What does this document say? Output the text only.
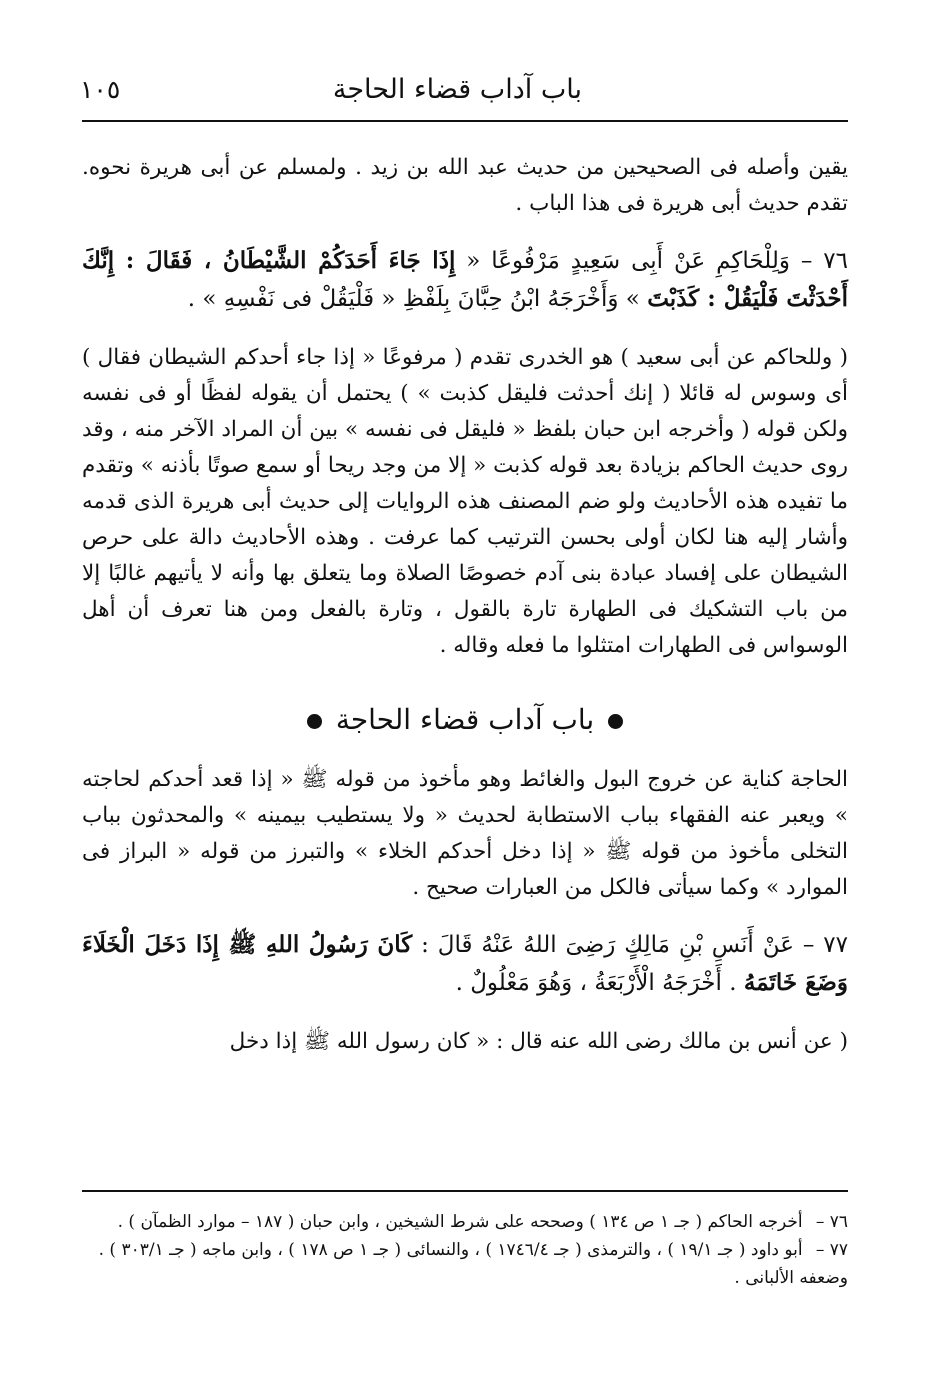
باب آداب قضاء الحاجة
١٠٥

يقين وأصله فى الصحيحين من حديث عبد الله بن زيد . ولمسلم عن أبى هريرة نحوه. تقدم حديث أبى هريرة فى هذا الباب .

٧٦ – وَلِلْحَاكِمِ عَنْ أَبِى سَعِيدٍ مَرْفُوعًا « إِذَا جَاءَ أَحَدَكُمْ الشَّيْطَانُ ، فَقَالَ : إِنَّكَ أَحْدَثْتَ فَلْيَقُلْ : كَذَبْتَ » وَأَخْرَجَهُ ابْنُ حِبَّانَ بِلَفْظِ « فَلْيَقُلْ فى نَفْسِهِ » .

( وللحاكم عن أبى سعيد ) هو الخدرى تقدم ( مرفوعًا « إذا جاء أحدكم الشيطان فقال ) أى وسوس له قائلا ( إنك أحدثت فليقل كذبت » ) يحتمل أن يقوله لفظًا أو فى نفسه ولكن قوله ( وأخرجه ابن حبان بلفظ « فليقل فى نفسه » بين أن المراد الآخر منه ، وقد روى حديث الحاكم بزيادة بعد قوله كذبت « إلا من وجد ريحا أو سمع صوتًا بأذنه » وتقدم ما تفيده هذه الأحاديث ولو ضم المصنف هذه الروايات إلى حديث أبى هريرة الذى قدمه وأشار إليه هنا لكان أولى بحسن الترتيب كما عرفت . وهذه الأحاديث دالة على حرص الشيطان على إفساد عبادة بنى آدم خصوصًا الصلاة وما يتعلق بها وأنه لا يأتيهم غالبًا إلا من باب التشكيك فى الطهارة تارة بالقول ، وتارة بالفعل ومن هنا تعرف أن أهل الوسواس فى الطهارات امتثلوا ما فعله وقاله .

باب آداب قضاء الحاجة

الحاجة كناية عن خروج البول والغائط وهو مأخوذ من قوله ﷺ « إذا قعد أحدكم لحاجته » ويعبر عنه الفقهاء بباب الاستطابة لحديث « ولا يستطيب بيمينه » والمحدثون بباب التخلى مأخوذ من قوله ﷺ « إذا دخل أحدكم الخلاء » والتبرز من قوله « البراز فى الموارد » وكما سيأتى فالكل من العبارات صحيح .

٧٧ – عَنْ أَنَسِ بْنِ مَالِكٍ رَضِىَ اللهُ عَنْهُ قَالَ : كَانَ رَسُولُ اللهِ ﷺ إِذَا دَخَلَ الْخَلَاءَ وَضَعَ خَاتَمَهُ . أَخْرَجَهُ الْأَرْبَعَةُ ، وَهُوَ مَعْلُولٌ .

( عن أنس بن مالك رضى الله عنه قال : « كان رسول الله ﷺ إذا دخل

٧٦ – أخرجه الحاكم ( جـ ١ ص ١٣٤ ) وصححه على شرط الشيخين ، وابن حبان ( ١٨٧ – موارد الظمآن ) .

٧٧ – أبو داود ( جـ ١٩/١ ) ، والترمذى ( جـ ١٧٤٦/٤ ) ، والنسائى ( جـ ١ ص ١٧٨ ) ، وابن ماجه ( جـ ٣٠٣/١ ) . وضعفه الألبانى .
